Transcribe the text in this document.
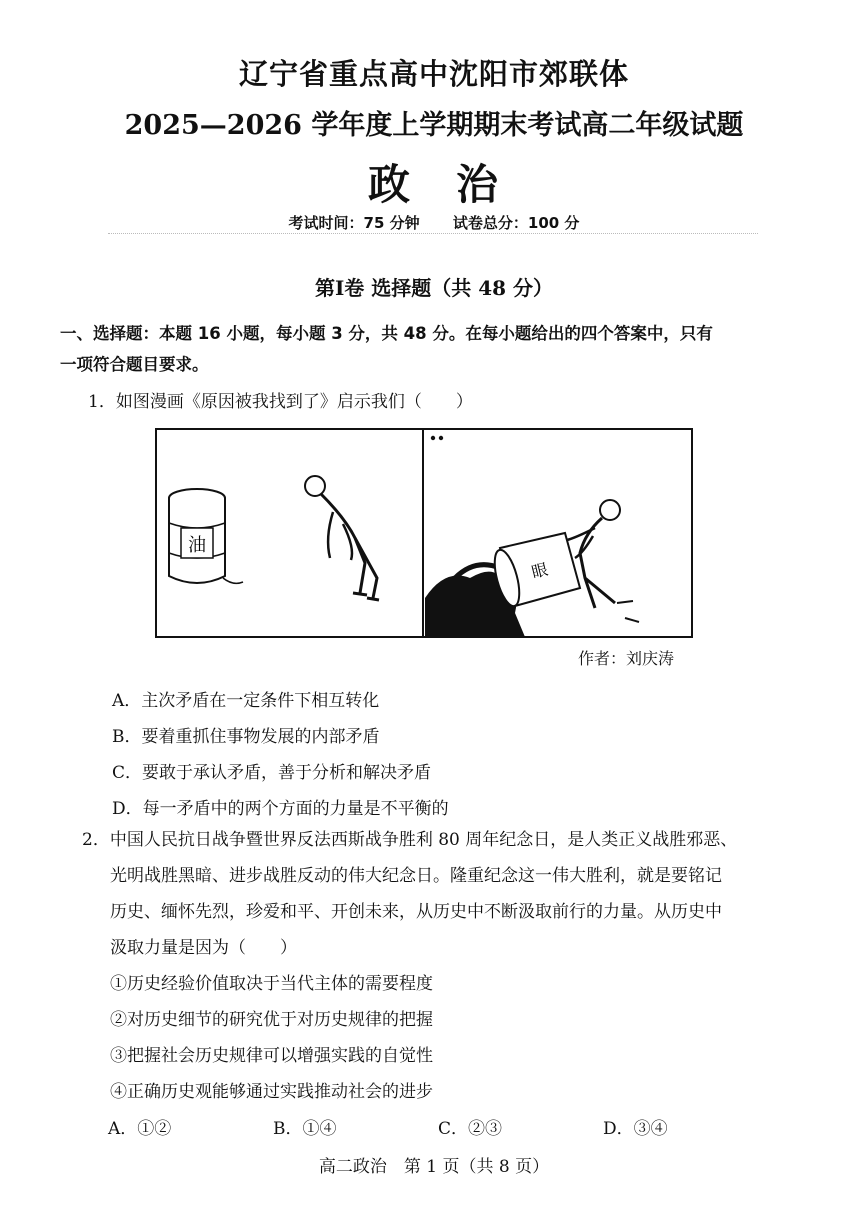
辽宁省重点高中沈阳市郊联体
2025—2026 学年度上学期期末考试高二年级试题
政　治
考试时间：75 分钟 试卷总分：100 分
第Ⅰ卷 选择题（共 48 分）
一、选择题：本题 16 小题，每小题 3 分，共 48 分。在每小题给出的四个答案中，只有
一项符合题目要求。
1．如图漫画《原因被我找到了》启示我们（　　）
油
眼
作者：刘庆涛
A．主次矛盾在一定条件下相互转化
B．要着重抓住事物发展的内部矛盾
C．要敢于承认矛盾，善于分析和解决矛盾
D．每一矛盾中的两个方面的力量是不平衡的
2．中国人民抗日战争暨世界反法西斯战争胜利 80 周年纪念日，是人类正义战胜邪恶、
光明战胜黑暗、进步战胜反动的伟大纪念日。隆重纪念这一伟大胜利，就是要铭记
历史、缅怀先烈，珍爱和平、开创未来，从历史中不断汲取前行的力量。从历史中
汲取力量是因为（　　）
①历史经验价值取决于当代主体的需要程度
②对历史细节的研究优于对历史规律的把握
③把握社会历史规律可以增强实践的自觉性
④正确历史观能够通过实践推动社会的进步
A．①②	B．①④	C．②③	D．③④
高二政治　第 1 页（共 8 页）
